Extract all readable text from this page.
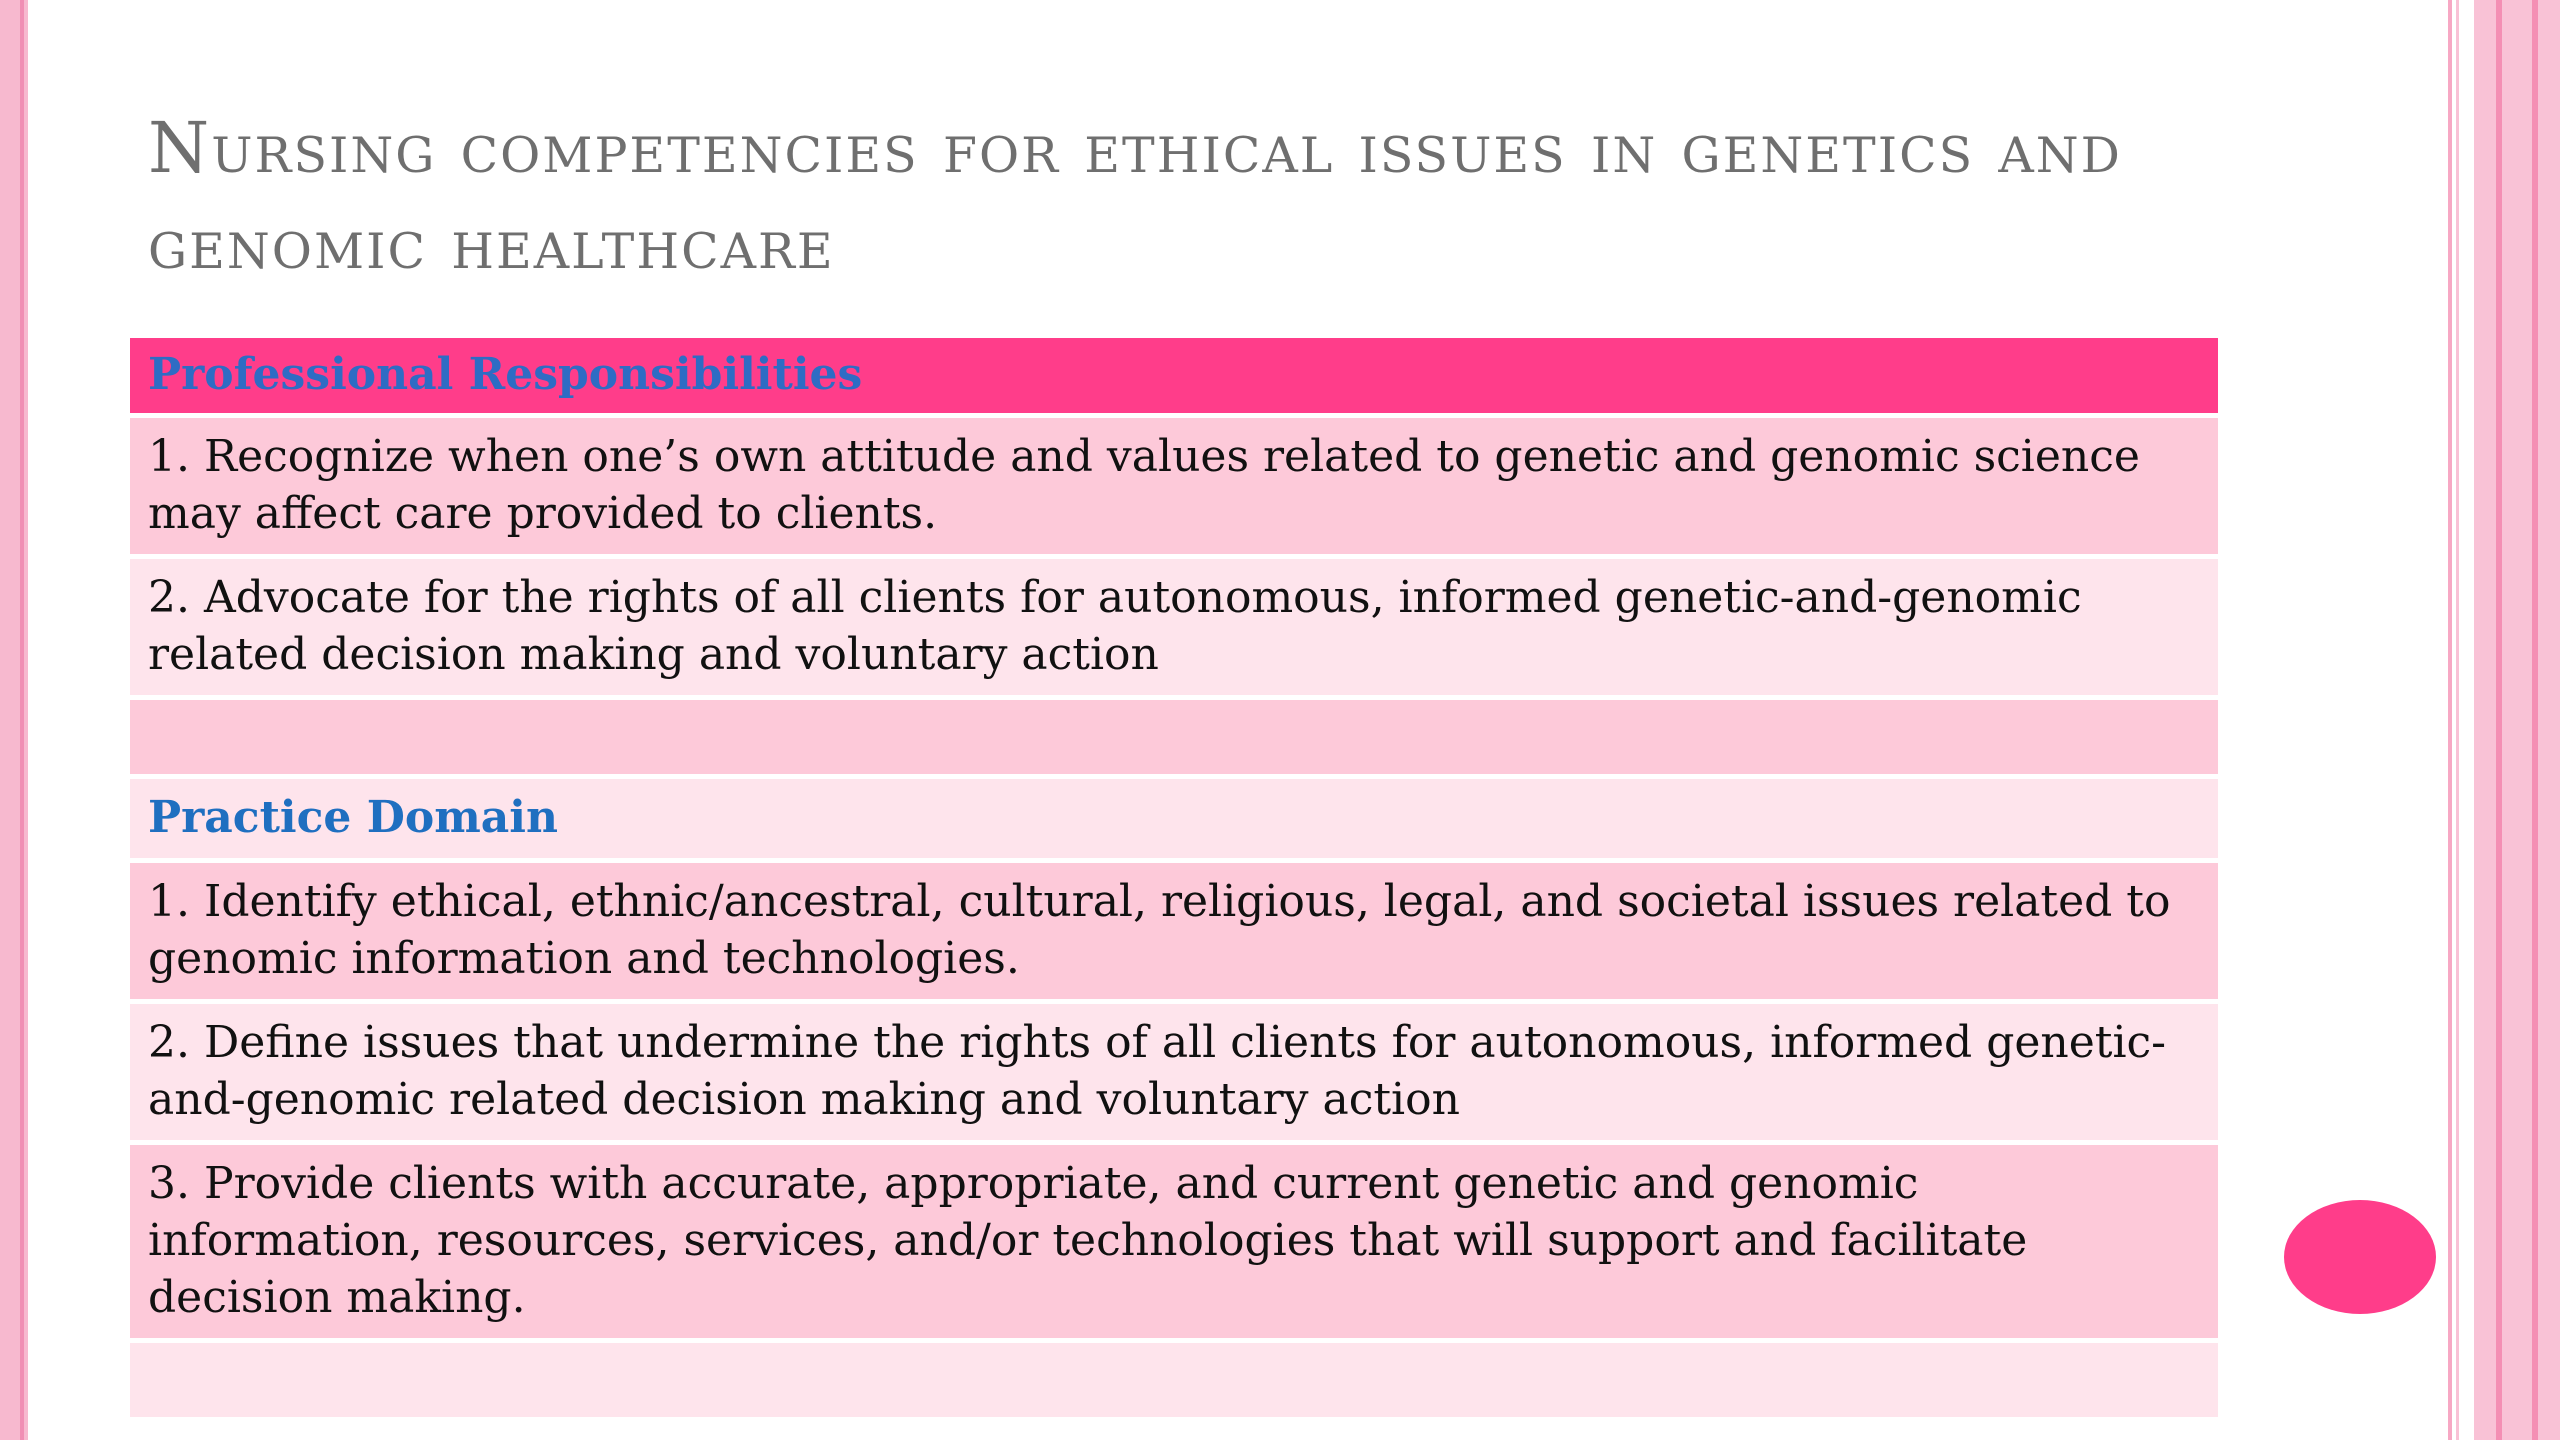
Nursing competencies for ethical issues in genetics and genomic healthcare
Professional Responsibilities
1. Recognize when one’s own attitude and values related to genetic and genomic science may affect care provided to clients.
2. Advocate for the rights of all clients for autonomous, informed genetic-and-genomic related decision making and voluntary action

Practice Domain
1. Identify ethical, ethnic/ancestral, cultural, religious, legal, and societal issues related to genomic information and technologies.
2. Define issues that undermine the rights of all clients for autonomous, informed genetic-and-genomic related decision making and voluntary action
3. Provide clients with accurate, appropriate, and current genetic and genomic information, resources, services, and/or technologies that will support and facilitate decision making.
